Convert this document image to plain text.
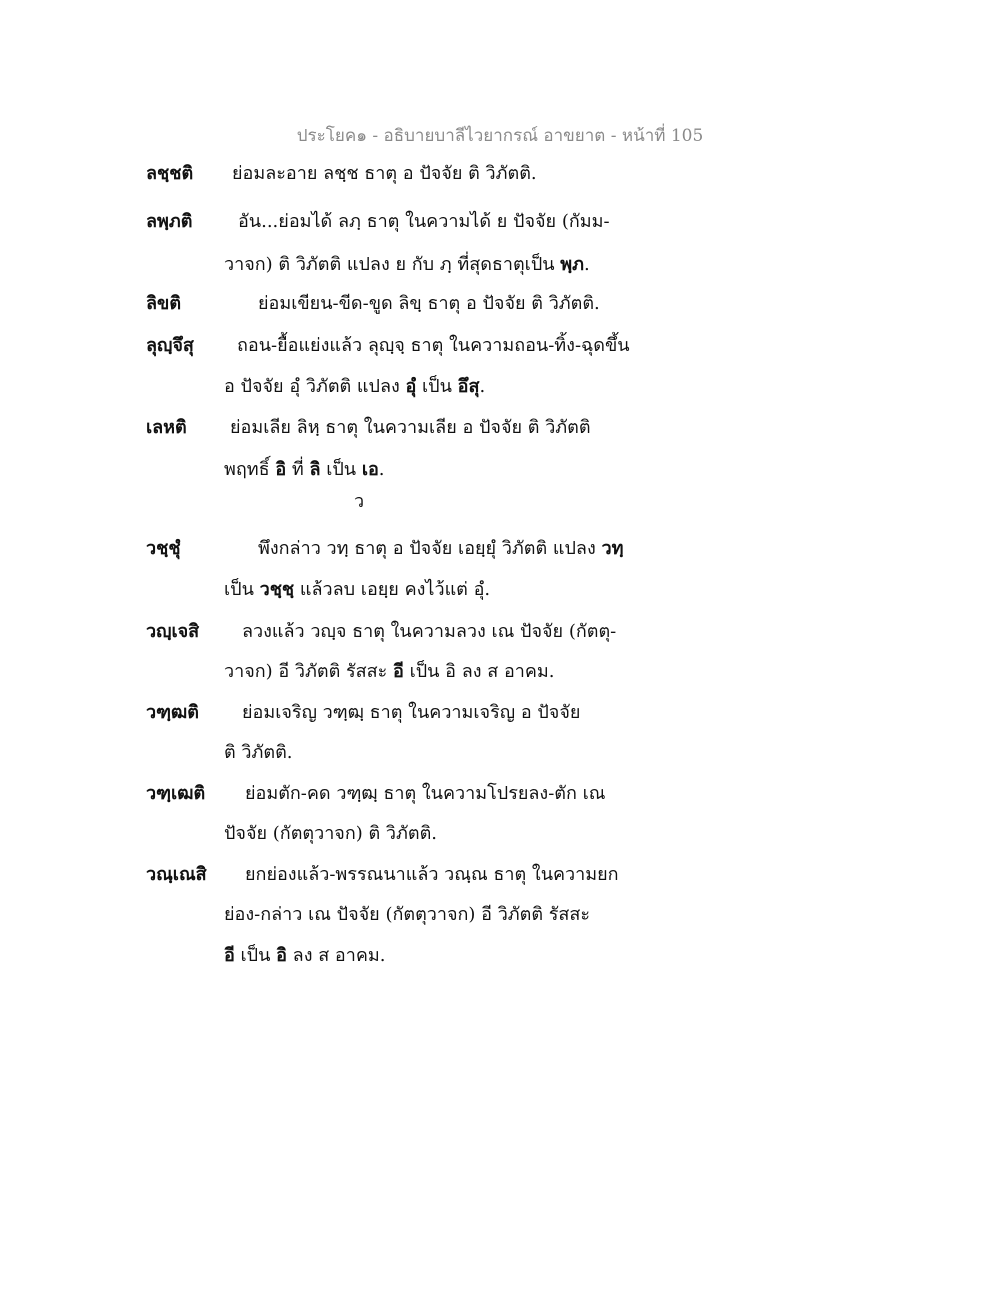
ประโยค๑ - อธิบายบาลีไวยากรณ์ อาขยาต - หน้าที่ 105
ว
ลชฺชติ ย่อมละอาย ลชฺช ธาตุ อ ปัจจัย ติ วิภัตติ.
ลพฺภติ	อัน...ย่อมได้ ลภฺ ธาตุ ในความได้ ย ปัจจัย (กัมม-
วาจก) ติ วิภัตติ แปลง ย กับ ภฺ ที่สุดธาตุเป็น พฺภ.
ลิขติ	ย่อมเขียน-ขีด-ขูด ลิขฺ ธาตุ อ ปัจจัย ติ วิภัตติ.
ลุญฺจึสุ ถอน-ยื้อแย่งแล้ว ลุญฺจฺ ธาตุ ในความถอน-ทิ้ง-ฉุดขึ้น
อ ปัจจัย อุํ วิภัตติ แปลง อุํ เป็น อึสุ.
เลหติ ย่อมเลีย ลิหฺ ธาตุ ในความเลีย อ ปัจจัย ติ วิภัตติ
พฤทธิ์ อิ ที่ ลิ เป็น เอ.
วชฺชุํ	พึงกล่าว วทฺ ธาตุ อ ปัจจัย เอยฺยุํ วิภัตติ แปลง วทฺ
เป็น วชฺชฺ แล้วลบ เอยฺย คงไว้แต่ อุํ.
วญฺเจสิ ลวงแล้ว วญฺจ ธาตุ ในความลวง เณ ปัจจัย (กัตตุ-
วาจก) อี วิภัตติ รัสสะ อี เป็น อิ ลง ส อาคม.
วฑฺฒติ ย่อมเจริญ วฑฺฒฺ ธาตุ ในความเจริญ อ ปัจจัย
ติ วิภัตติ.
วฑฺเฒติ ย่อมตัก-คด วฑฺฒฺ ธาตุ ในความโปรยลง-ตัก เณ
ปัจจัย (กัตตุวาจก) ติ วิภัตติ.
วณฺเณสิ ยกย่องแล้ว-พรรณนาแล้ว วณฺณ ธาตุ ในความยก
ย่อง-กล่าว เณ ปัจจัย (กัตตุวาจก) อี วิภัตติ รัสสะ
อี เป็น อิ ลง ส อาคม.
